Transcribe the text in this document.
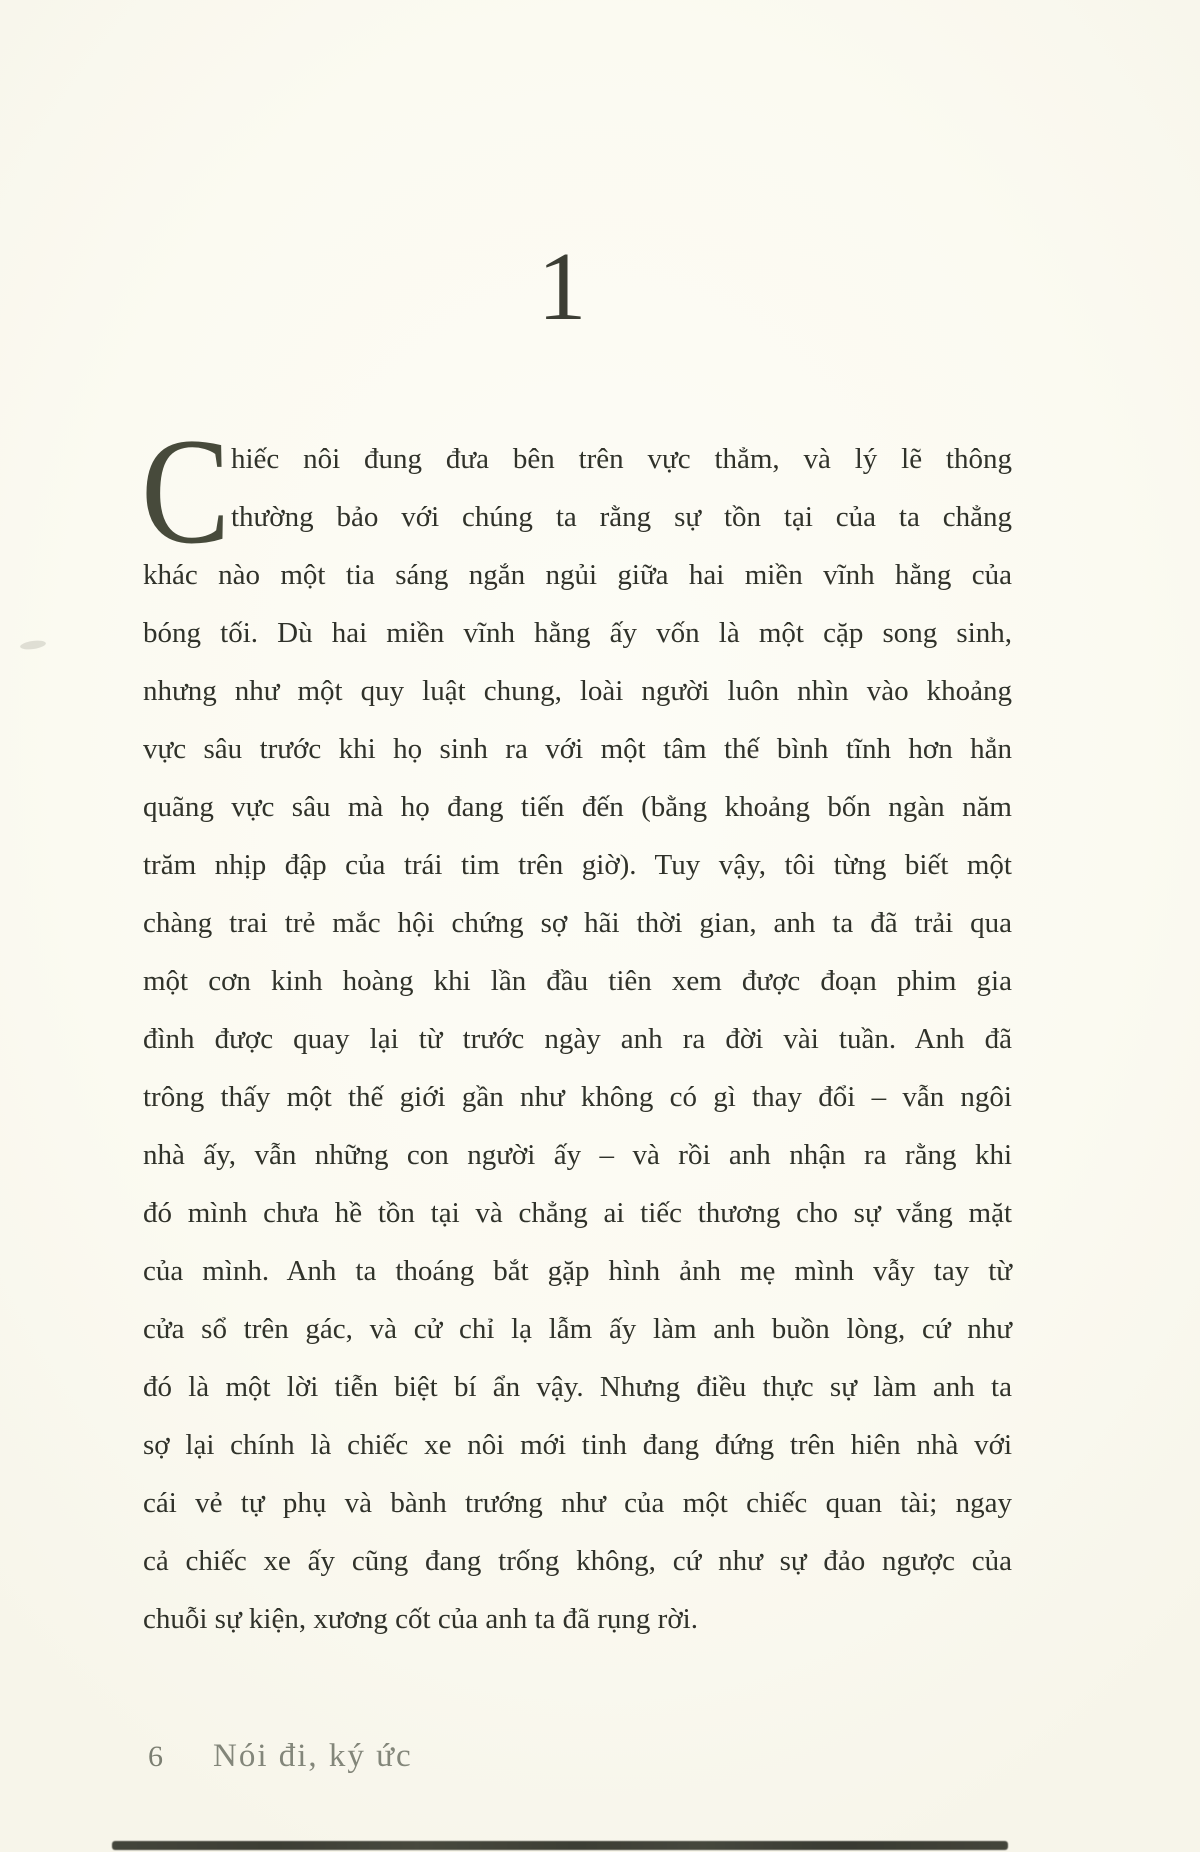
1
C hiếc nôi đung đưa bên trên vực thẳm, và lý lẽ thông
thường bảo với chúng ta rằng sự tồn tại của ta chẳng
khác nào một tia sáng ngắn ngủi giữa hai miền vĩnh hằng của
bóng tối. Dù hai miền vĩnh hằng ấy vốn là một cặp song sinh,
nhưng như một quy luật chung, loài người luôn nhìn vào khoảng
vực sâu trước khi họ sinh ra với một tâm thế bình tĩnh hơn hẳn
quãng vực sâu mà họ đang tiến đến (bằng khoảng bốn ngàn năm
trăm nhịp đập của trái tim trên giờ). Tuy vậy, tôi từng biết một
chàng trai trẻ mắc hội chứng sợ hãi thời gian, anh ta đã trải qua
một cơn kinh hoàng khi lần đầu tiên xem được đoạn phim gia
đình được quay lại từ trước ngày anh ra đời vài tuần. Anh đã
trông thấy một thế giới gần như không có gì thay đổi – vẫn ngôi
nhà ấy, vẫn những con người ấy – và rồi anh nhận ra rằng khi
đó mình chưa hề tồn tại và chẳng ai tiếc thương cho sự vắng mặt
của mình. Anh ta thoáng bắt gặp hình ảnh mẹ mình vẫy tay từ
cửa sổ trên gác, và cử chỉ lạ lẫm ấy làm anh buồn lòng, cứ như
đó là một lời tiễn biệt bí ẩn vậy. Nhưng điều thực sự làm anh ta
sợ lại chính là chiếc xe nôi mới tinh đang đứng trên hiên nhà với
cái vẻ tự phụ và bành trướng như của một chiếc quan tài; ngay
cả chiếc xe ấy cũng đang trống không, cứ như sự đảo ngược của
chuỗi sự kiện, xương cốt của anh ta đã rụng rời.
6 Nói đi, ký ức
